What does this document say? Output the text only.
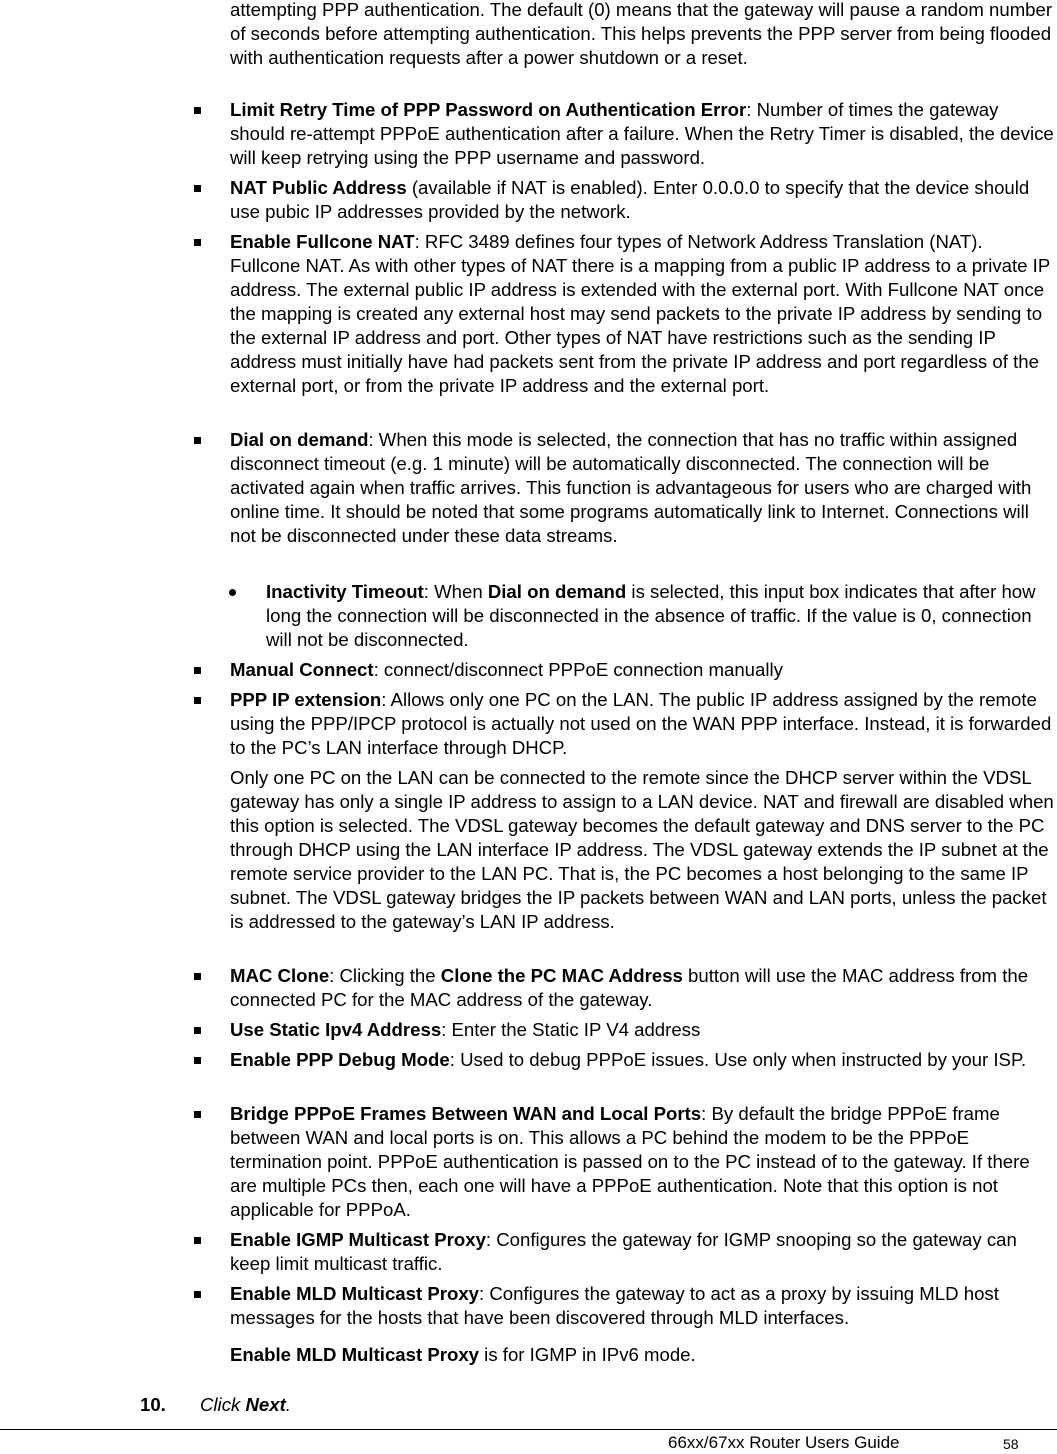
attempting PPP authentication. The default (0) means that the gateway will pause a random number of seconds before attempting authentication. This helps prevents the PPP server from being flooded with authentication requests after a power shutdown or a reset.

Limit Retry Time of PPP Password on Authentication Error: Number of times the gateway should re-attempt PPPoE authentication after a failure. When the Retry Timer is disabled, the device will keep retrying using the PPP username and password.

NAT Public Address (available if NAT is enabled). Enter 0.0.0.0 to specify that the device should use pubic IP addresses provided by the network.

Enable Fullcone NAT: RFC 3489 defines four types of Network Address Translation (NAT). Fullcone NAT. As with other types of NAT there is a mapping from a public IP address to a private IP address. The external public IP address is extended with the external port. With Fullcone NAT once the mapping is created any external host may send packets to the private IP address by sending to the external IP address and port. Other types of NAT have restrictions such as the sending IP address must initially have had packets sent from the private IP address and port regardless of the external port, or from the private IP address and the external port.

Dial on demand: When this mode is selected, the connection that has no traffic within assigned disconnect timeout (e.g. 1 minute) will be automatically disconnected. The connection will be activated again when traffic arrives. This function is advantageous for users who are charged with online time. It should be noted that some programs automatically link to Internet. Connections will not be disconnected under these data streams.

Inactivity Timeout: When Dial on demand is selected, this input box indicates that after how long the connection will be disconnected in the absence of traffic. If the value is 0, connection will not be disconnected.

Manual Connect: connect/disconnect PPPoE connection manually

PPP IP extension: Allows only one PC on the LAN. The public IP address assigned by the remote using the PPP/IPCP protocol is actually not used on the WAN PPP interface. Instead, it is forwarded to the PC’s LAN interface through DHCP.

Only one PC on the LAN can be connected to the remote since the DHCP server within the VDSL gateway has only a single IP address to assign to a LAN device. NAT and firewall are disabled when this option is selected. The VDSL gateway becomes the default gateway and DNS server to the PC through DHCP using the LAN interface IP address. The VDSL gateway extends the IP subnet at the remote service provider to the LAN PC. That is, the PC becomes a host belonging to the same IP subnet. The VDSL gateway bridges the IP packets between WAN and LAN ports, unless the packet is addressed to the gateway’s LAN IP address.

MAC Clone: Clicking the Clone the PC MAC Address button will use the MAC address from the connected PC for the MAC address of the gateway.

Use Static Ipv4 Address: Enter the Static IP V4 address

Enable PPP Debug Mode: Used to debug PPPoE issues. Use only when instructed by your ISP.

Bridge PPPoE Frames Between WAN and Local Ports: By default the bridge PPPoE frame between WAN and local ports is on. This allows a PC behind the modem to be the PPPoE termination point. PPPoE authentication is passed on to the PC instead of to the gateway. If there are multiple PCs then, each one will have a PPPoE authentication. Note that this option is not applicable for PPPoA.

Enable IGMP Multicast Proxy: Configures the gateway for IGMP snooping so the gateway can keep limit multicast traffic.

Enable MLD Multicast Proxy: Configures the gateway to act as a proxy by issuing MLD host messages for the hosts that have been discovered through MLD interfaces.

Enable MLD Multicast Proxy is for IGMP in IPv6 mode.

10. Click Next.
66xx/67xx Router Users Guide	58
